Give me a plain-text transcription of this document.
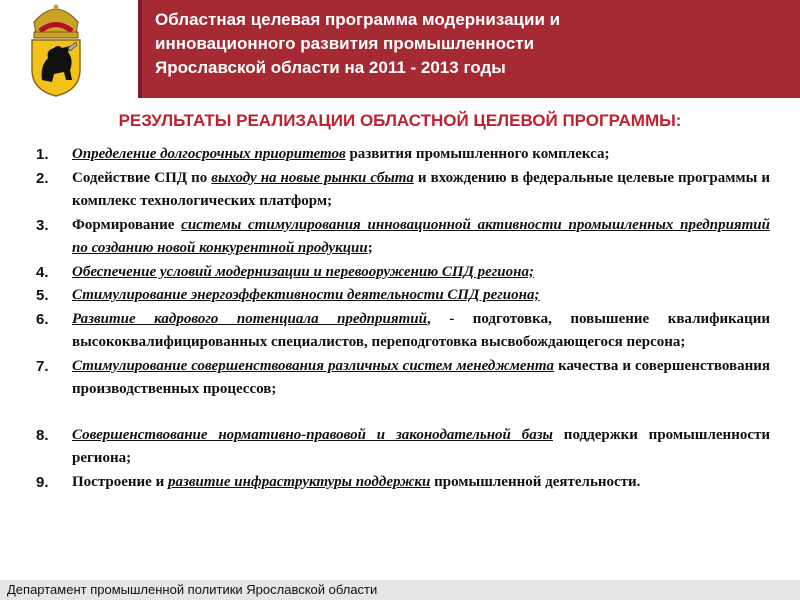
Областная целевая программа модернизации и
инновационного развития промышленности
Ярославской области на 2011 - 2013 годы
РЕЗУЛЬТАТЫ РЕАЛИЗАЦИИ ОБЛАСТНОЙ ЦЕЛЕВОЙ ПРОГРАММЫ:
1.	Определение долгосрочных приоритетов развития промышленного комплекса;
2.	Содействие СПД по выходу на новые рынки сбыта и вхождению в федеральные целевые программы и комплекс технологических платформ;
3.	Формирование системы стимулирования инновационной активности промышленных предприятий по созданию новой конкурентной продукции;
4.	Обеспечение условий модернизации и перевооружению СПД региона;
5.	Стимулирование энергоэффективности деятельности СПД региона;
6.	Развитие кадрового потенциала предприятий, - подготовка, повышение квалификации высококвалифицированных специалистов, переподготовка высвобождающегося персона;
7.	Стимулирование совершенствования различных систем менеджмента качества и совершенствования производственных процессов;
8.	Совершенствование нормативно-правовой и законодательной базы поддержки промышленности региона;
9.	Построение и развитие инфраструктуры поддержки промышленной деятельности.
Департамент промышленной политики Ярославской области
